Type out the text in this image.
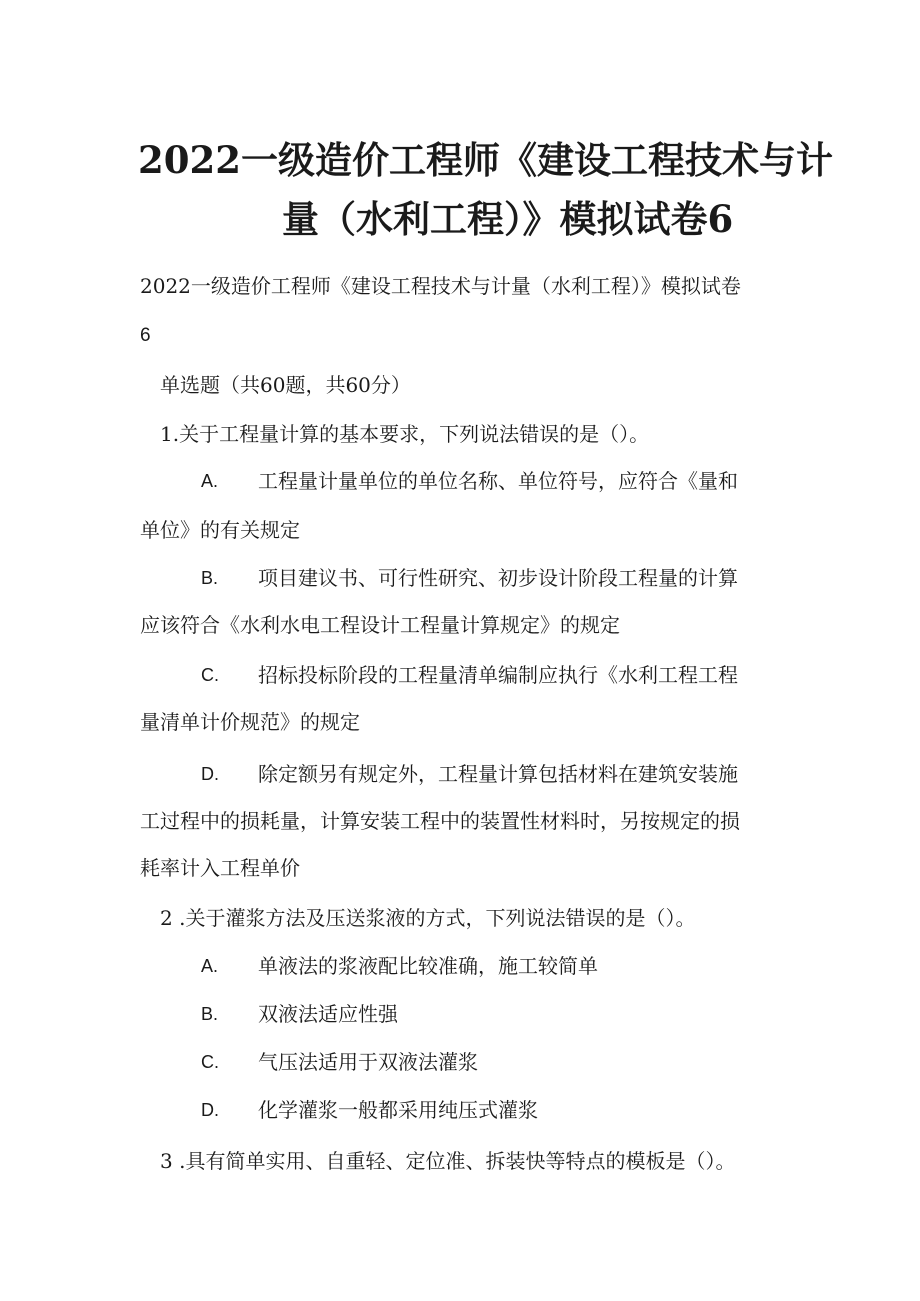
2022一级造价工程师《建设工程技术与计
量（水利工程）》模拟试卷6
2022一级造价工程师《建设工程技术与计量（水利工程）》模拟试卷
6
单选题（共60题，共60分）
1.关于工程量计算的基本要求，下列说法错误的是（）。
A. 工程量计量单位的单位名称、单位符号，应符合《量和
单位》的有关规定
B. 项目建议书、可行性研究、初步设计阶段工程量的计算
应该符合《水利水电工程设计工程量计算规定》的规定
C. 招标投标阶段的工程量清单编制应执行《水利工程工程
量清单计价规范》的规定
D. 除定额另有规定外，工程量计算包括材料在建筑安装施
工过程中的损耗量，计算安装工程中的装置性材料时，另按规定的损
耗率计入工程单价
2 .关于灌浆方法及压送浆液的方式，下列说法错误的是（）。
A. 单液法的浆液配比较准确，施工较简单
B. 双液法适应性强
C. 气压法适用于双液法灌浆
D. 化学灌浆一般都采用纯压式灌浆
3 .具有简单实用、自重轻、定位准、拆装快等特点的模板是（）。
